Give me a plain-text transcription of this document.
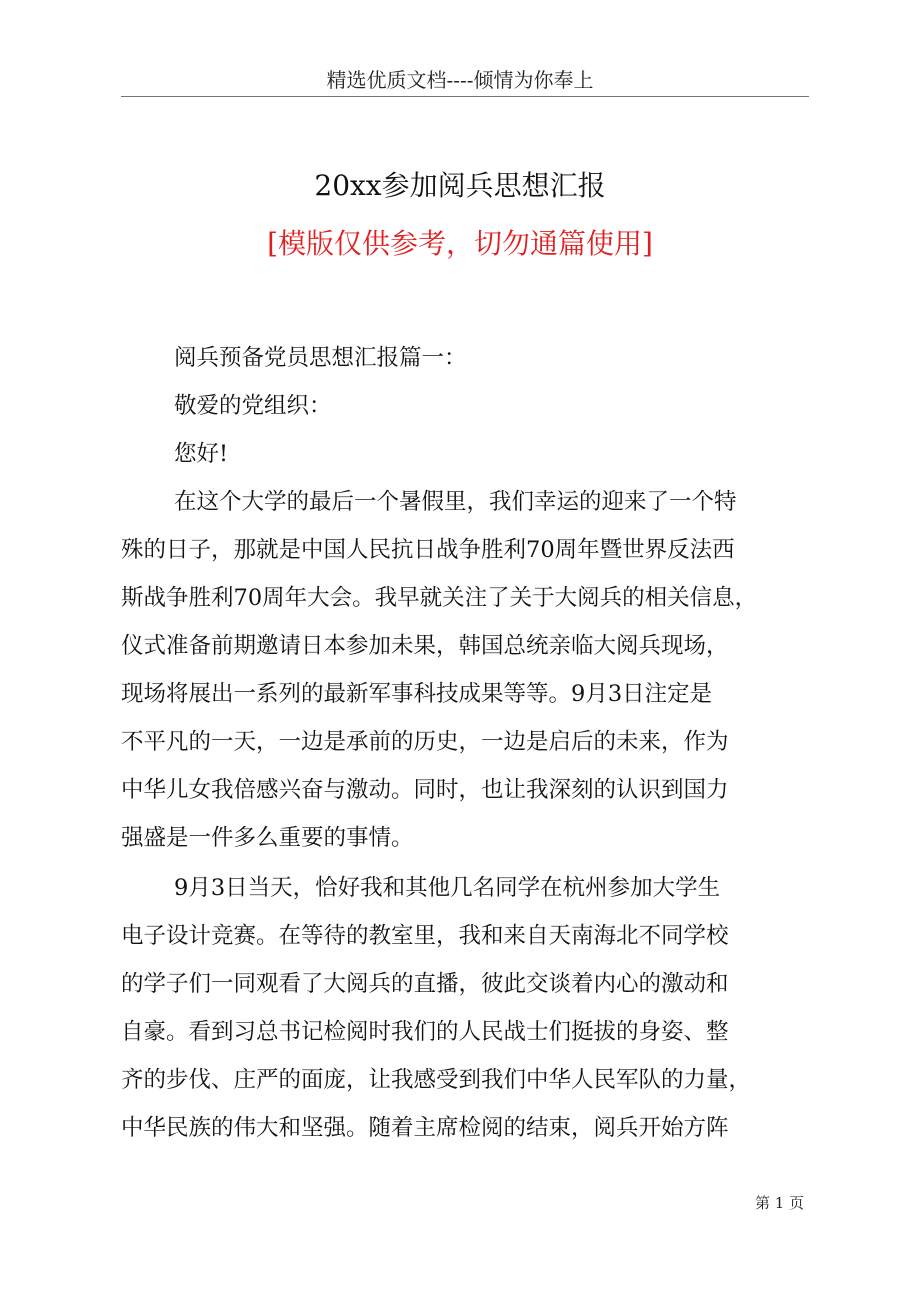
精选优质文档----倾情为你奉上
20xx参加阅兵思想汇报
[模版仅供参考，切勿通篇使用]
阅兵预备党员思想汇报篇一：
敬爱的党组织：
您好!
在这个大学的最后一个暑假里，我们幸运的迎来了一个特
殊的日子，那就是中国人民抗日战争胜利70周年暨世界反法西
斯战争胜利70周年大会。我早就关注了关于大阅兵的相关信息，
仪式准备前期邀请日本参加未果，韩国总统亲临大阅兵现场，
现场将展出一系列的最新军事科技成果等等。9月3日注定是
不平凡的一天，一边是承前的历史，一边是启后的未来，作为
中华儿女我倍感兴奋与激动。同时，也让我深刻的认识到国力
强盛是一件多么重要的事情。
9月3日当天，恰好我和其他几名同学在杭州参加大学生
电子设计竞赛。在等待的教室里，我和来自天南海北不同学校
的学子们一同观看了大阅兵的直播，彼此交谈着内心的激动和
自豪。看到习总书记检阅时我们的人民战士们挺拔的身姿、整
齐的步伐、庄严的面庞，让我感受到我们中华人民军队的力量，
中华民族的伟大和坚强。随着主席检阅的结束，阅兵开始方阵
第 1 页
